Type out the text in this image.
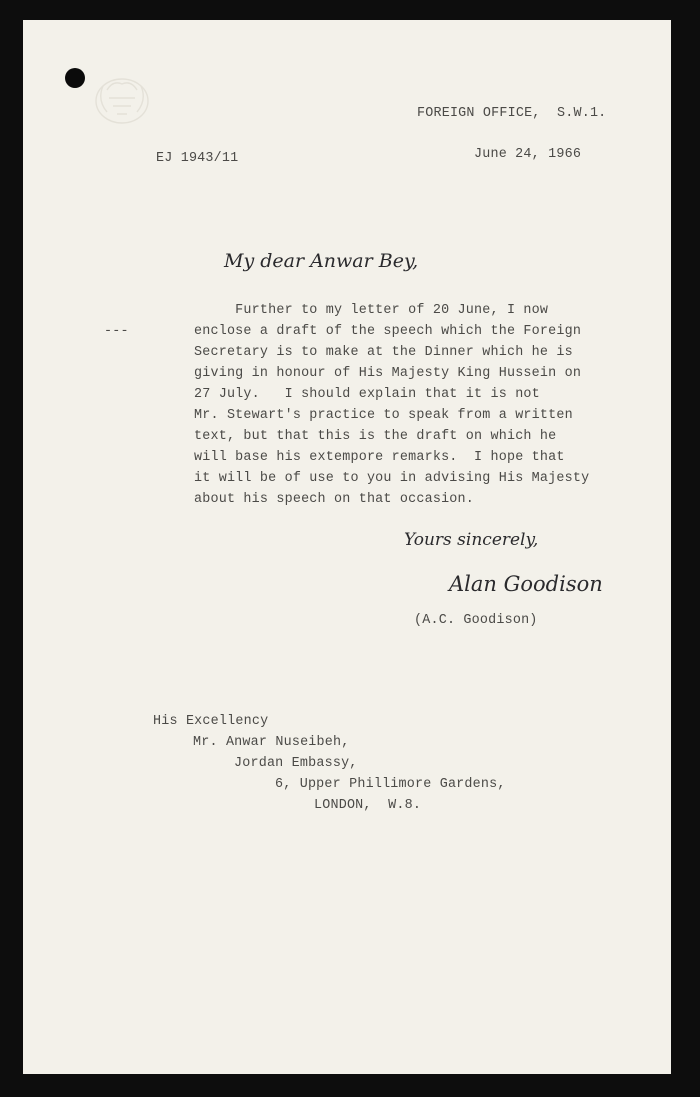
FOREIGN OFFICE,  S.W.1.
EJ 1943/11	June 24, 1966
My dear Anwar Bey,
---
Further to my letter of 20 June, I now
enclose a draft of the speech which the Foreign
Secretary is to make at the Dinner which he is
giving in honour of His Majesty King Hussein on
27 July.   I should explain that it is not
Mr. Stewart's practice to speak from a written
text, but that this is the draft on which he
will base his extempore remarks.  I hope that
it will be of use to you in advising His Majesty
about his speech on that occasion.
Yours sincerely,
Alan Goodison
(A.C. Goodison)
His Excellency
Mr. Anwar Nuseibeh,
Jordan Embassy,
6, Upper Phillimore Gardens,
LONDON,  W.8.
